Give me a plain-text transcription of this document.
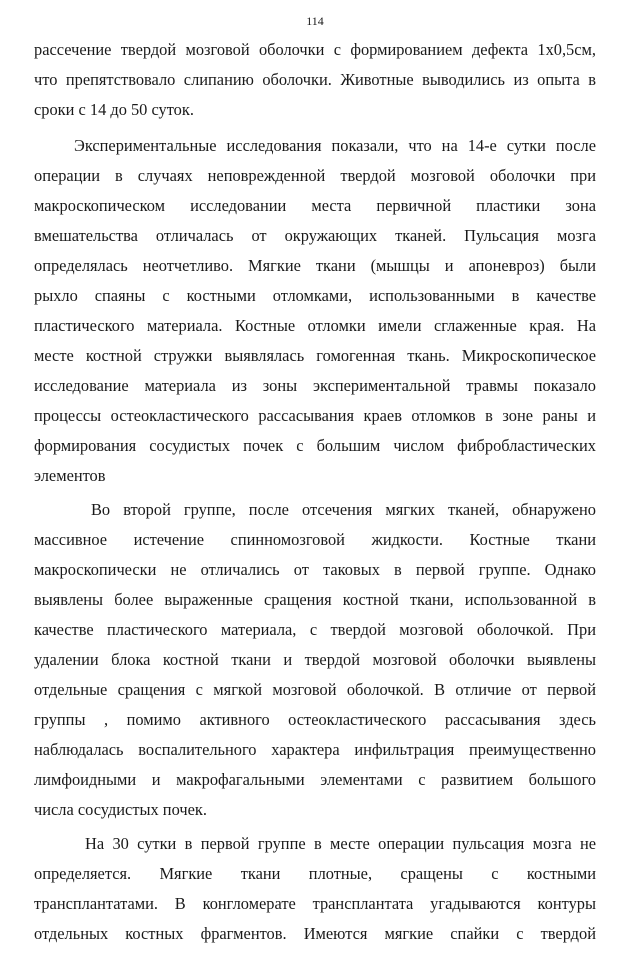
114
рассечение твердой мозговой оболочки с формированием дефекта 1х0,5см,
что препятствовало слипанию оболочки. Животные выводились из опыта в
сроки с 14 до 50 суток.
Экспериментальные исследования показали, что на 14-е сутки после
операции в случаях неповрежденной твердой мозговой оболочки при
макроскопическом исследовании места первичной пластики зона
вмешательства отличалась от окружающих тканей. Пульсация мозга
определялась неотчетливо. Мягкие ткани (мышцы и апоневроз) были
рыхло спаяны с костными отломками, использованными в качестве
пластического материала. Костные отломки имели сглаженные края. На
месте костной стружки выявлялась гомогенная ткань. Микроскопическое
исследование материала из зоны экспериментальной травмы показало
процессы остеокластического рассасывания краев отломков в зоне раны и
формирования сосудистых почек с большим числом фибробластических
элементов
Во второй группе, после отсечения мягких тканей, обнаружено
массивное истечение спинномозговой жидкости. Костные ткани
макроскопически не отличались от таковых в первой группе. Однако
выявлены более выраженные сращения костной ткани, использованной в
качестве пластического материала, с твердой мозговой оболочкой. При
удалении блока костной ткани и твердой мозговой оболочки выявлены
отдельные сращения с мягкой мозговой оболочкой. В отличие от первой
группы , помимо активного остеокластического рассасывания здесь
наблюдалась воспалительного характера инфильтрация преимущественно
лимфоидными и макрофагальными элементами с развитием большого
числа сосудистых почек.
На 30 сутки в первой группе в месте операции пульсация мозга не
определяется. Мягкие ткани плотные, сращены с костными
трансплантатами. В конгломерате трансплантата угадываются контуры
отдельных костных фрагментов. Имеются мягкие спайки с твердой
